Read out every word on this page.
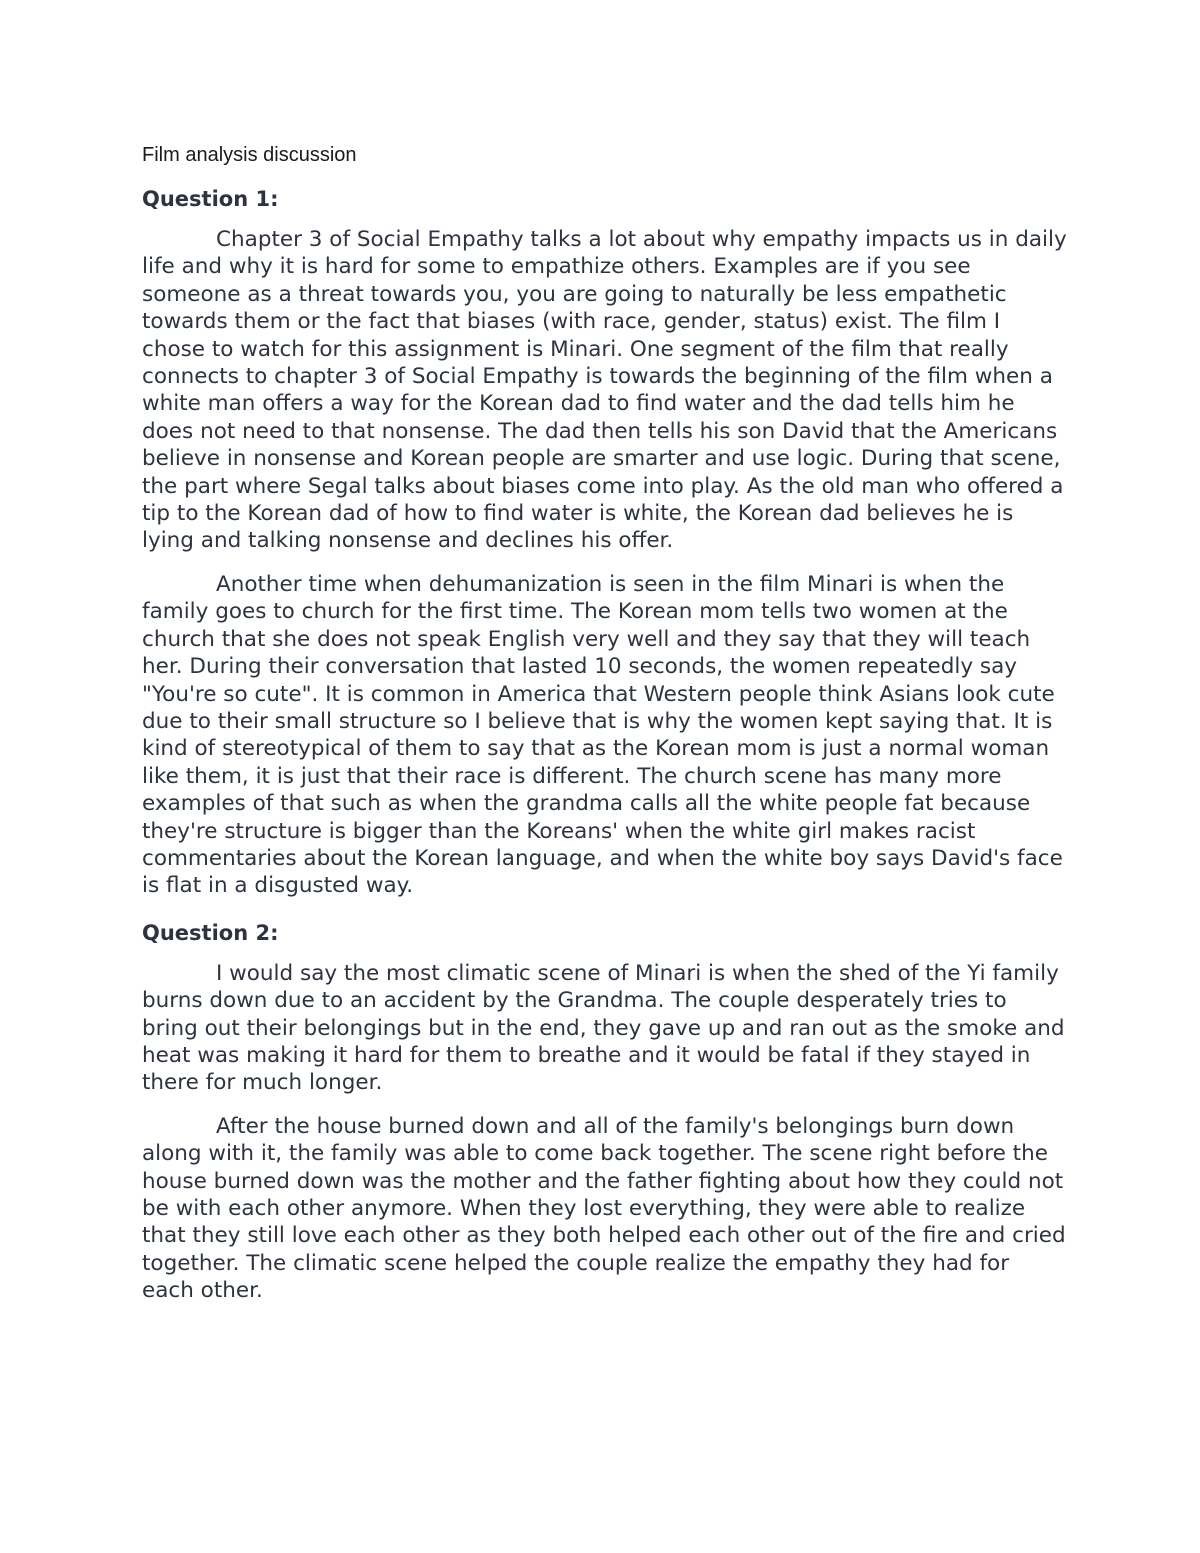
Film analysis discussion
Question 1:

Chapter 3 of Social Empathy talks a lot about why empathy impacts us in daily life and why it is hard for some to empathize others. Examples are if you see someone as a threat towards you, you are going to naturally be less empathetic towards them or the fact that biases (with race, gender, status) exist. The film I chose to watch for this assignment is Minari. One segment of the film that really connects to chapter 3 of Social Empathy is towards the beginning of the film when a white man offers a way for the Korean dad to find water and the dad tells him he does not need to that nonsense. The dad then tells his son David that the Americans believe in nonsense and Korean people are smarter and use logic. During that scene, the part where Segal talks about biases come into play. As the old man who offered a tip to the Korean dad of how to find water is white, the Korean dad believes he is lying and talking nonsense and declines his offer.

Another time when dehumanization is seen in the film Minari is when the family goes to church for the first time. The Korean mom tells two women at the church that she does not speak English very well and they say that they will teach her. During their conversation that lasted 10 seconds, the women repeatedly say "You're so cute". It is common in America that Western people think Asians look cute due to their small structure so I believe that is why the women kept saying that. It is kind of stereotypical of them to say that as the Korean mom is just a normal woman like them, it is just that their race is different. The church scene has many more examples of that such as when the grandma calls all the white people fat because they're structure is bigger than the Koreans' when the white girl makes racist commentaries about the Korean language, and when the white boy says David's face is flat in a disgusted way.

Question 2:

I would say the most climatic scene of Minari is when the shed of the Yi family burns down due to an accident by the Grandma. The couple desperately tries to bring out their belongings but in the end, they gave up and ran out as the smoke and heat was making it hard for them to breathe and it would be fatal if they stayed in there for much longer.

After the house burned down and all of the family's belongings burn down along with it, the family was able to come back together. The scene right before the house burned down was the mother and the father fighting about how they could not be with each other anymore. When they lost everything, they were able to realize that they still love each other as they both helped each other out of the fire and cried together. The climatic scene helped the couple realize the empathy they had for each other.
